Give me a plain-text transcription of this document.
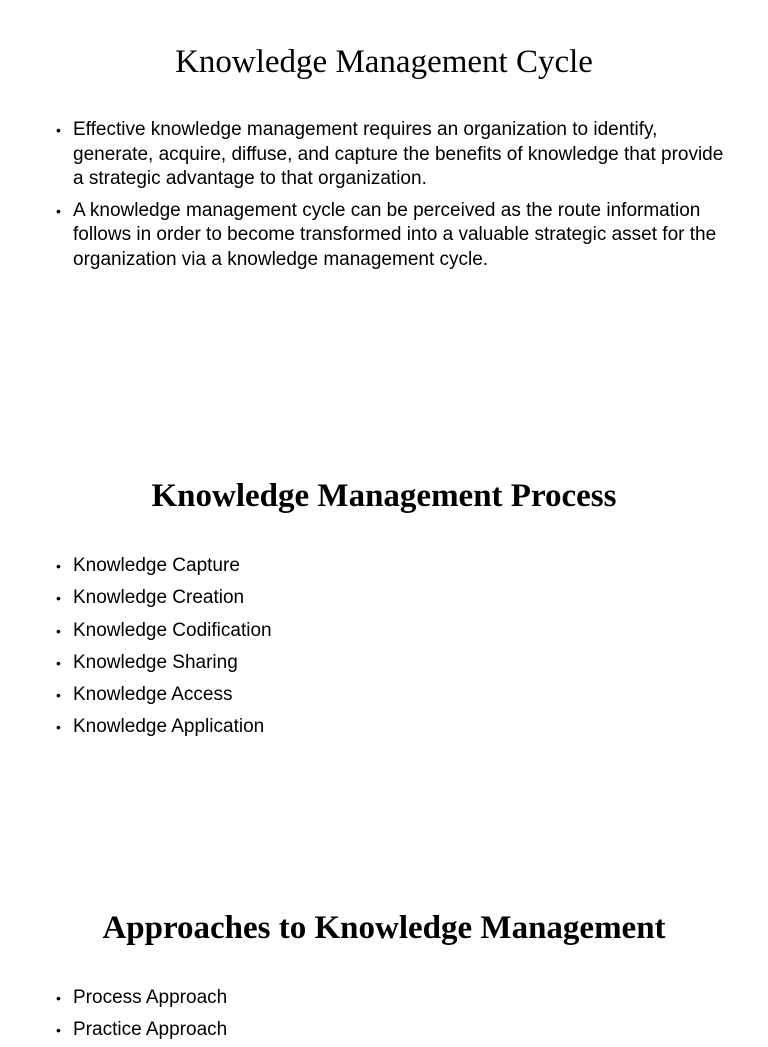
Knowledge Management Cycle
• Effective knowledge management requires an organization to identify, generate, acquire, diffuse, and capture the benefits of knowledge that provide a strategic advantage to that organization.
• A knowledge management cycle can be perceived as the route information follows in order to become transformed into a valuable strategic asset for the organization via a knowledge management cycle.
Knowledge Management Process
• Knowledge Capture
• Knowledge Creation
• Knowledge Codification
• Knowledge Sharing
• Knowledge Access
• Knowledge Application
Approaches to Knowledge Management
• Process Approach
• Practice Approach
